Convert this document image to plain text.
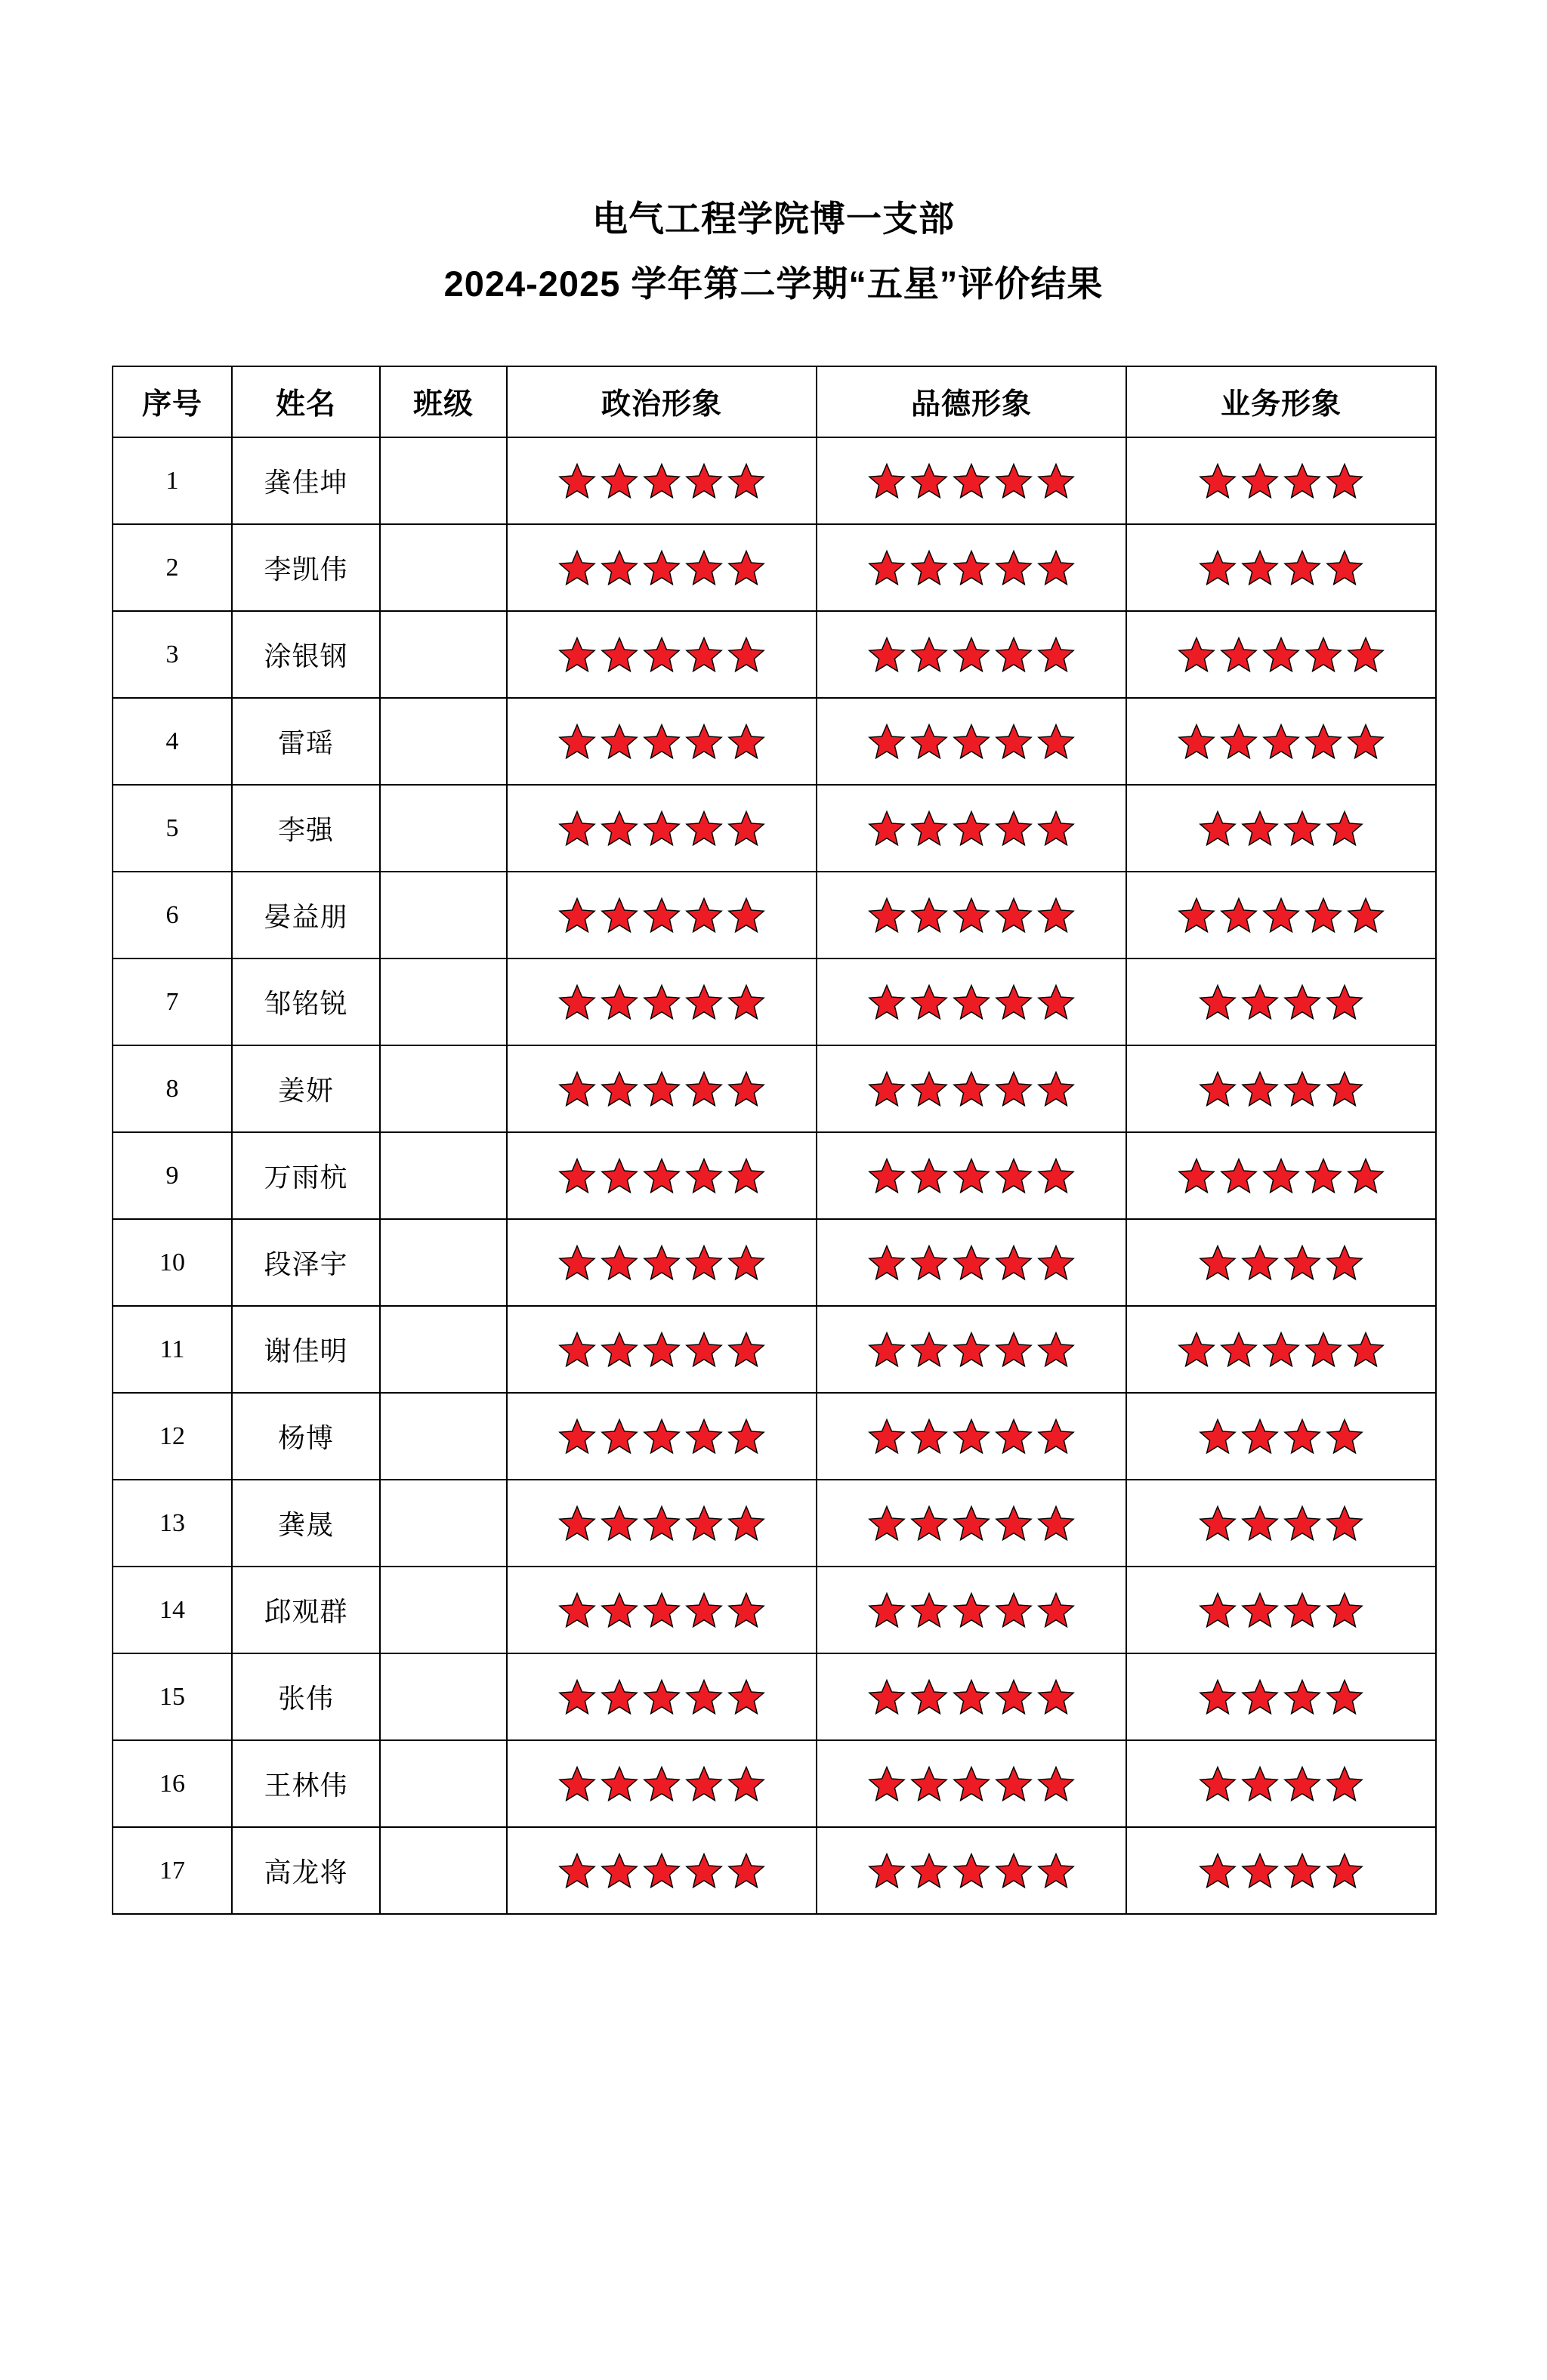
电气工程学院博一支部
2024-2025 学年第二学期“五星”评价结果
序号	姓名	班级	政治形象	品德形象	业务形象
1	龚佳坤		

2	李凯伟		

3	涂银钢		

4	雷瑶		

5	李强		

6	晏益朋		

7	邹铭锐		

8	姜妍		

9	万雨杭		

10	段泽宇		

11	谢佳明		

12	杨博		

13	龚晟		

14	邱观群		

15	张伟		

16	王林伟		

17	高龙将		
